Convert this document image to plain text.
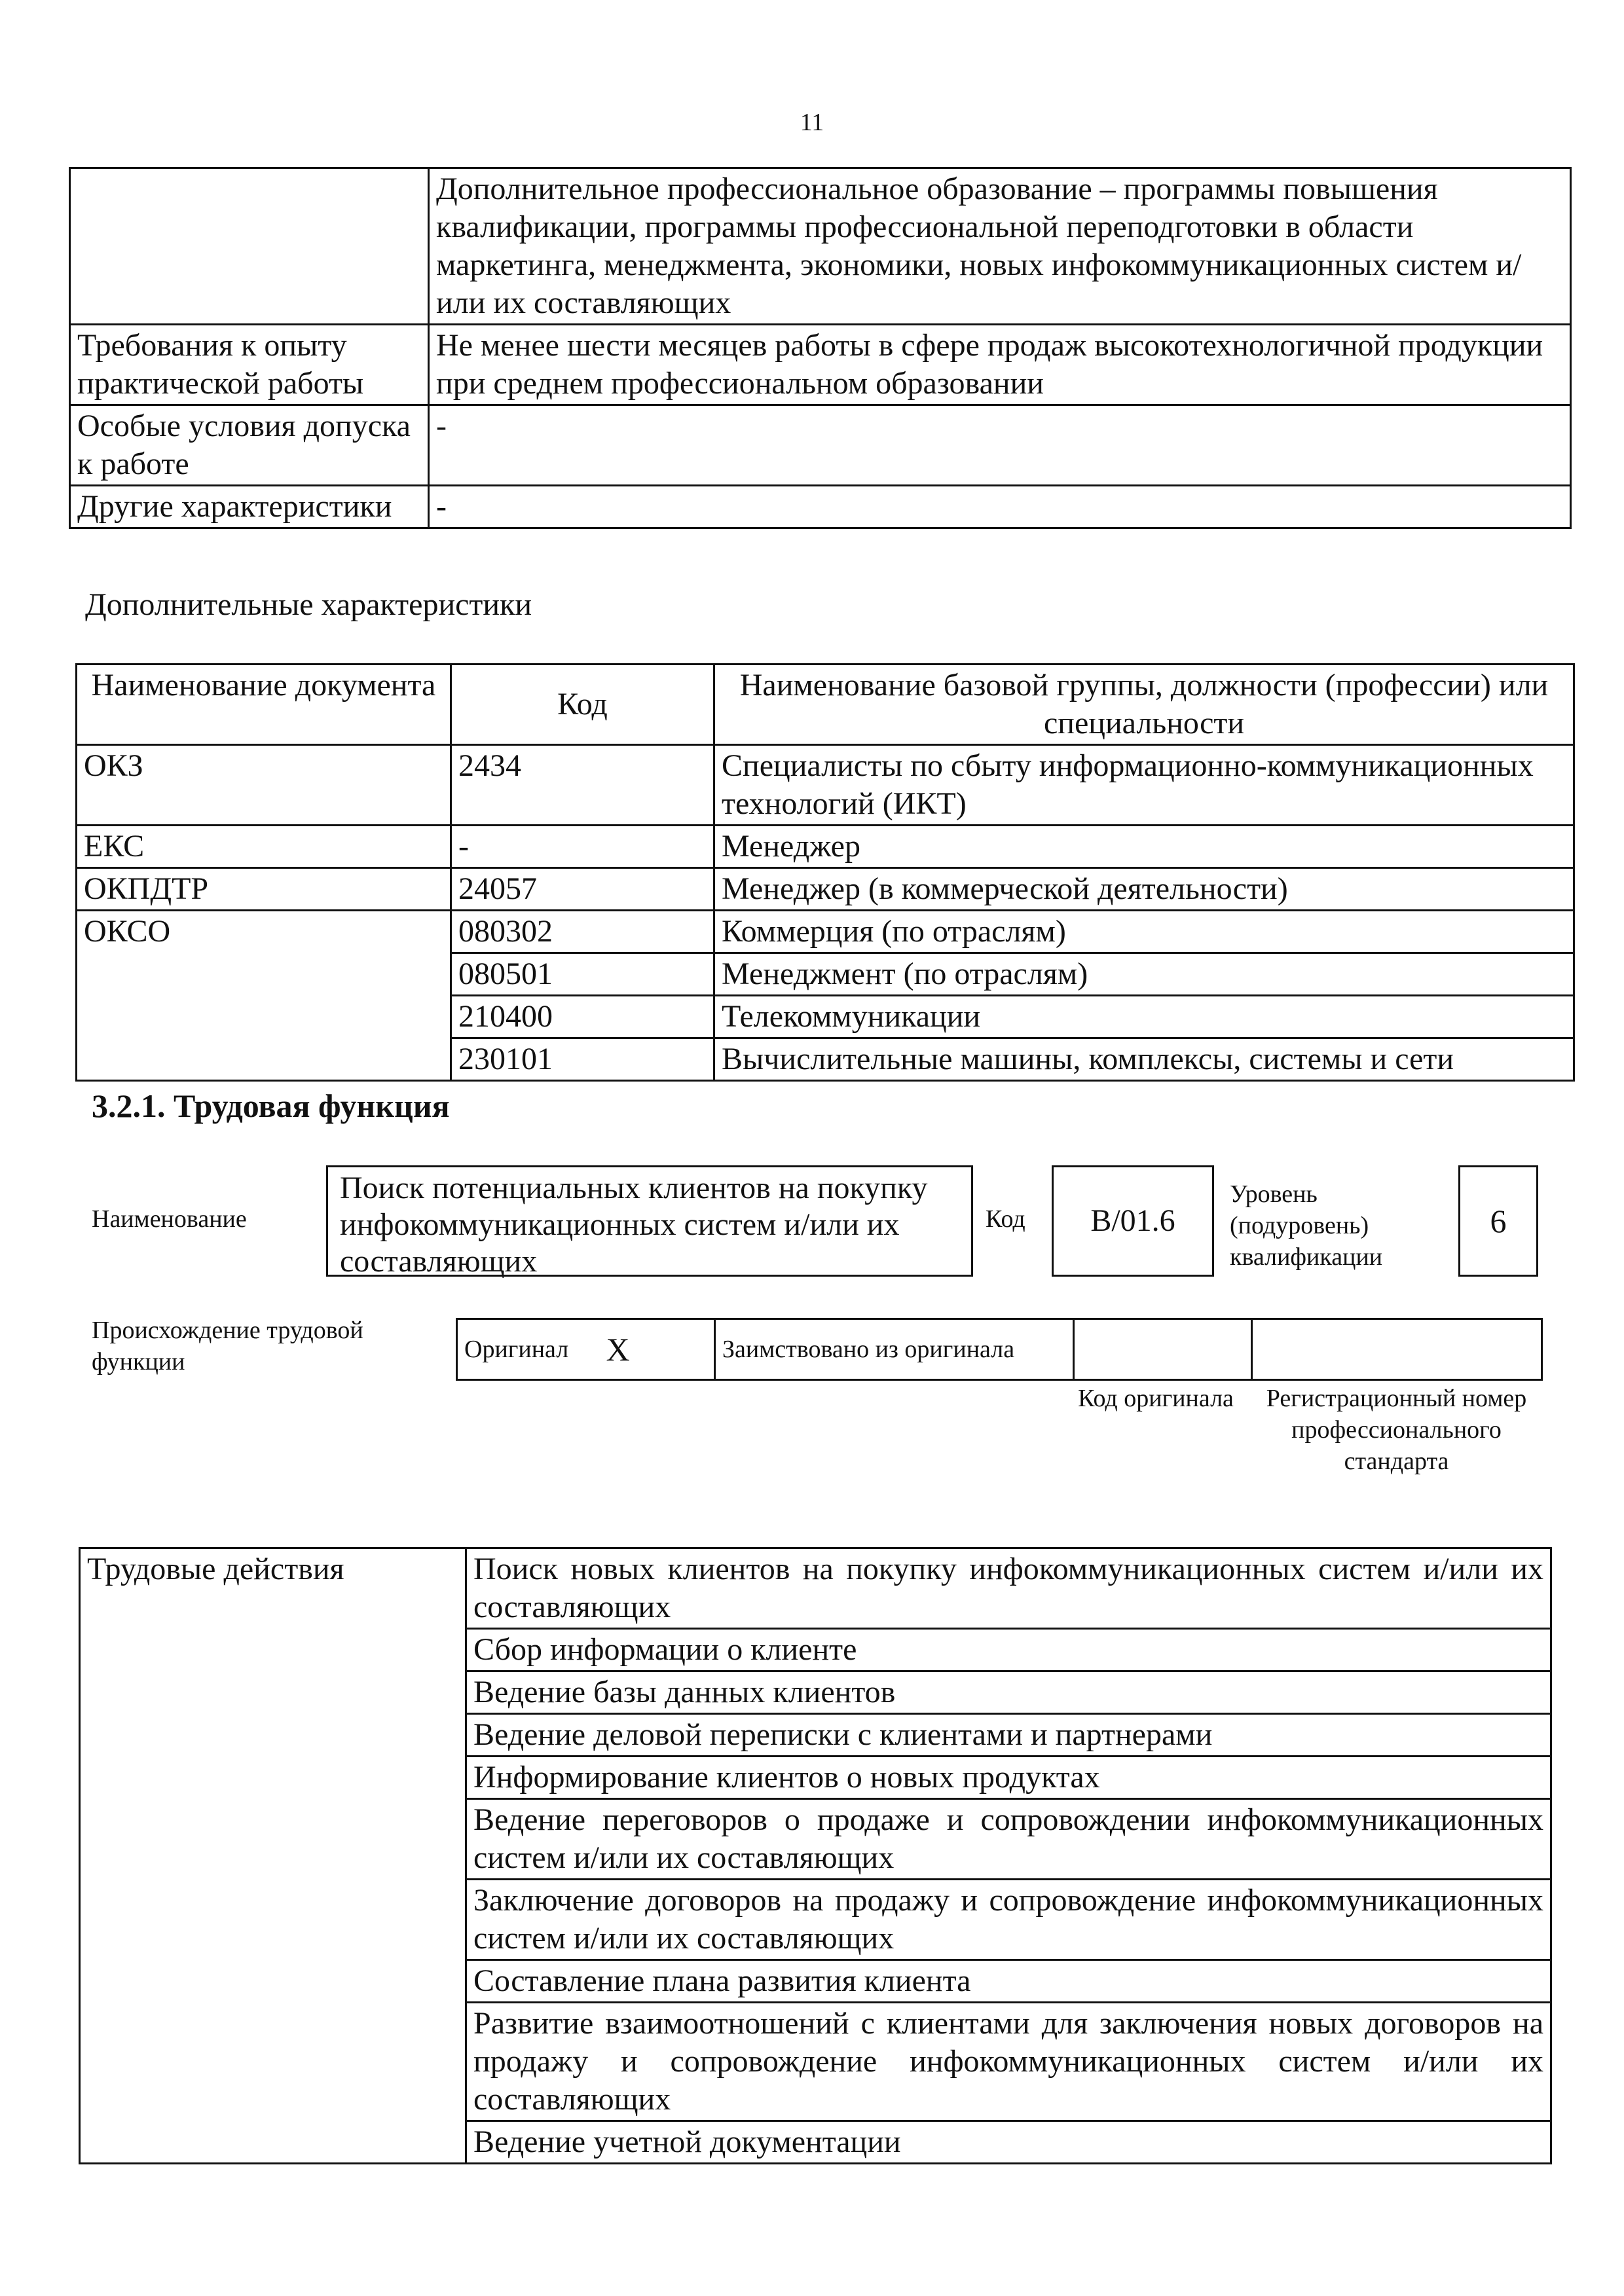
11
	Дополнительное профессиональное образование – программы повышения квалификации, программы профессиональной переподготовки в области маркетинга, менеджмента, экономики, новых инфокоммуникационных систем и/или их составляющих
Требования к опыту практической работы	Не менее шести месяцев работы в сфере продаж высокотехнологичной продукции при среднем профессиональном образовании
Особые условия допуска к работе	-
Другие характеристики	-
Дополнительные характеристики
Наименование документа	Код	Наименование базовой группы, должности (профессии) или специальности
ОКЗ	2434	Специалисты по сбыту информационно-коммуникационных технологий (ИКТ)
ЕКС	-	Менеджер
ОКПДТР	24057	Менеджер (в коммерческой деятельности)
ОКСО	080302	Коммерция (по отраслям)
	080501	Менеджмент (по отраслям)
	210400	Телекоммуникации
	230101	Вычислительные машины, комплексы, системы и сети
3.2.1. Трудовая функция
Наименование
Поиск потенциальных клиентов на покупку инфокоммуникационных систем и/или их составляющих
Код	B/01.6
Уровень (подуровень) квалификации
6
Происхождение трудовой функции	Оригинал	X	Заимствовано из оригинала		
Код оригинала	Регистрационный номер профессионального стандарта
Трудовые действия	Поиск новых клиентов на покупку инфокоммуникационных систем и/или их составляющих
Сбор информации о клиенте
Ведение базы данных клиентов
Ведение деловой переписки с клиентами и партнерами
Информирование клиентов о новых продуктах
Ведение переговоров о продаже и сопровождении инфокоммуникационных систем и/или их составляющих
Заключение договоров на продажу и сопровождение инфокоммуникационных систем и/или их составляющих
Составление плана развития клиента
Развитие взаимоотношений с клиентами для заключения новых договоров на продажу и сопровождение инфокоммуникационных систем и/или их составляющих
Ведение учетной документации
